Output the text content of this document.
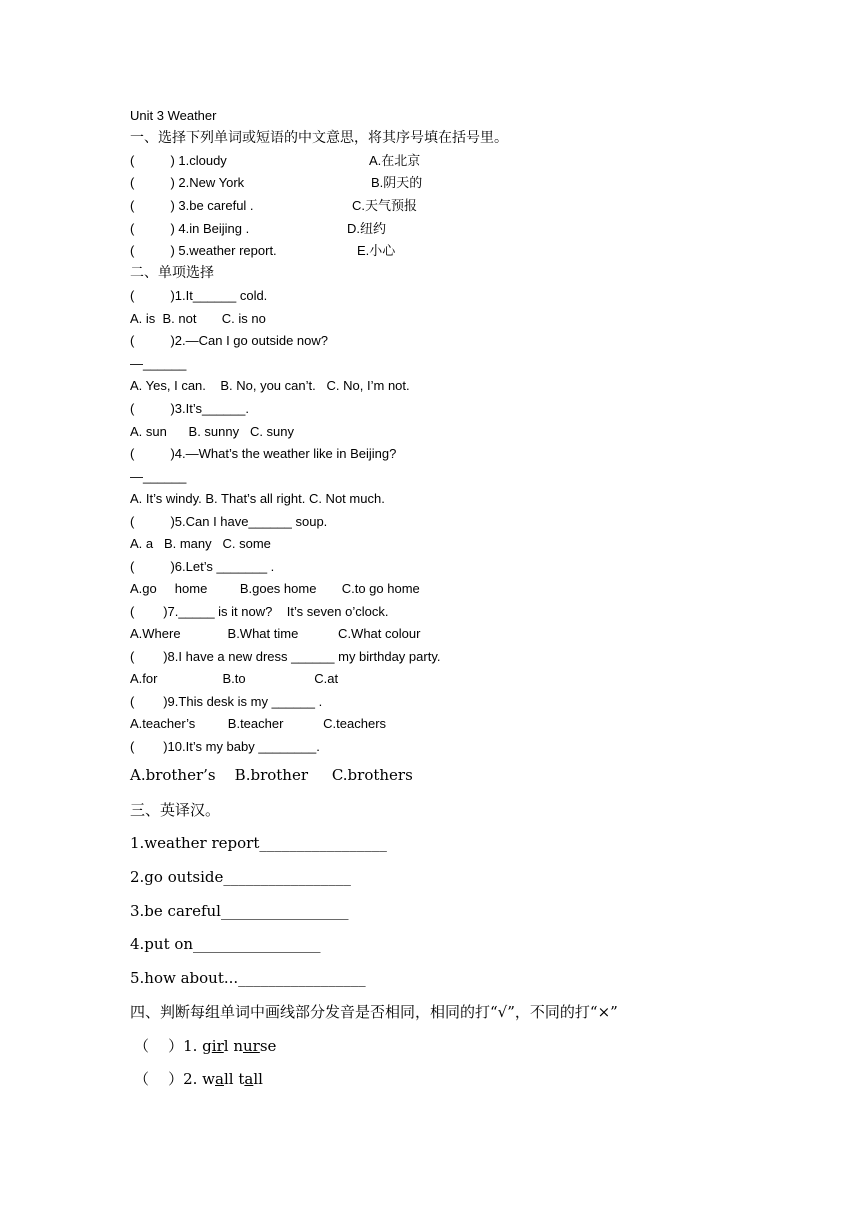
Unit 3 Weather
一、选择下列单词或短语的中文意思，将其序号填在括号里。
(          ) 1.cloudy	A.在北京
(          ) 2.New York	B.阴天的
(          ) 3.be careful .	C.天气预报
(          ) 4.in Beijing .	D.纽约
(          ) 5.weather report.	E.小心
二、单项选择
(          )1.It______ cold.
A. is  B. not       C. is no
(          )2.—Can I go outside now?
—______
A. Yes, I can.    B. No, you can’t.   C. No, I’m not.
(          )3.It’s______.
A. sun      B. sunny   C. suny
(          )4.—What’s the weather like in Beijing?
—______
A. It’s windy. B. That’s all right. C. Not much.
(          )5.Can I have______ soup.
A. a   B. many   C. some
(          )6.Let’s _______ .
A.go     home         B.goes home       C.to go home
(        )7._____ is it now?    It’s seven o’clock.
A.Where             B.What time           C.What colour
(        )8.I have a new dress ______ my birthday party.
A.for                  B.to                   C.at
(        )9.This desk is my ______ .
A.teacher’s         B.teacher           C.teachers
(        )10.It’s my baby ________.
A.brother’s    B.brother     C.brothers
三、英译汉。
1.weather report_________________
2.go outside_________________
3.be careful_________________
4.put on_________________
5.how about..._________________
四、判断每组单词中画线部分发音是否相同，相同的打“√”，不同的打“×”
（    ）1. girl nurse
（    ）2. wall tall
